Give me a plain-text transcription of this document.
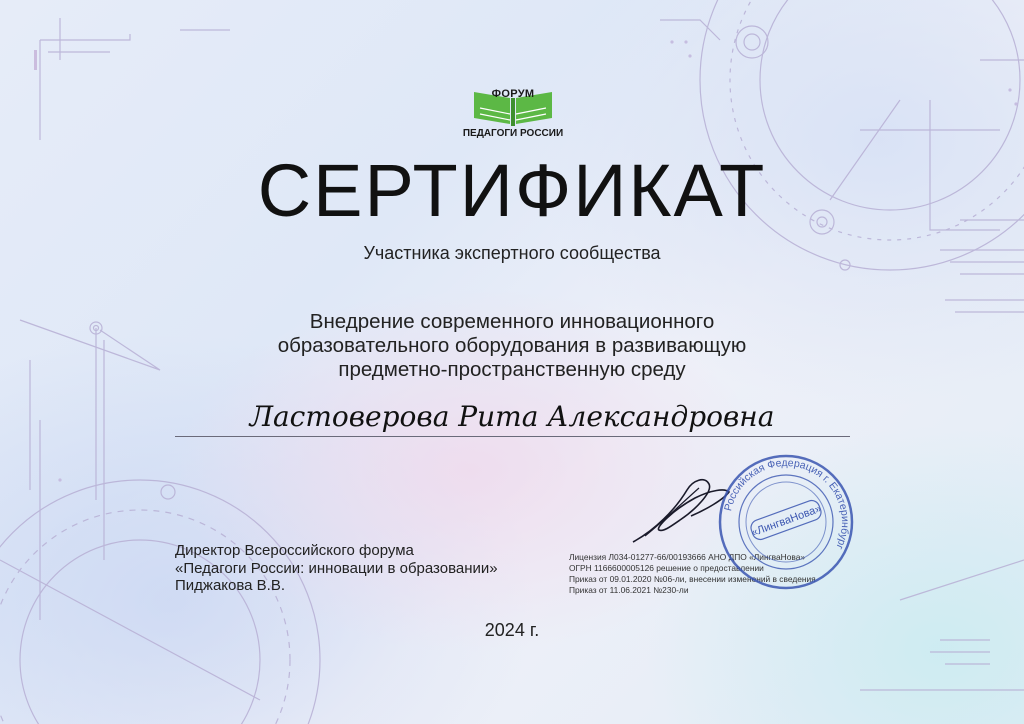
ФОРУМ
ПЕДАГОГИ РОССИИ
СЕРТИФИКАТ
Участника экспертного сообщества
Внедрение современного инновационного
образовательного оборудования в развивающую
предметно-пространственную среду
Ластоверова Рита Александровна
Директор Всероссийского форума
«Педагоги России: инновации в образовании»
Пиджакова В.В.
Лицензия Л034-01277-66/00193666 АНО ДПО «ЛингваНова»
ОГРН 1166600005126 решение о предоставлении
Приказ от 09.01.2020 №06-ли, внесении изменений в сведения
Приказ от 11.06.2021 №230-ли
Российская Федерация г. Екатеринбург
«ЛингваНова»
2024 г.
